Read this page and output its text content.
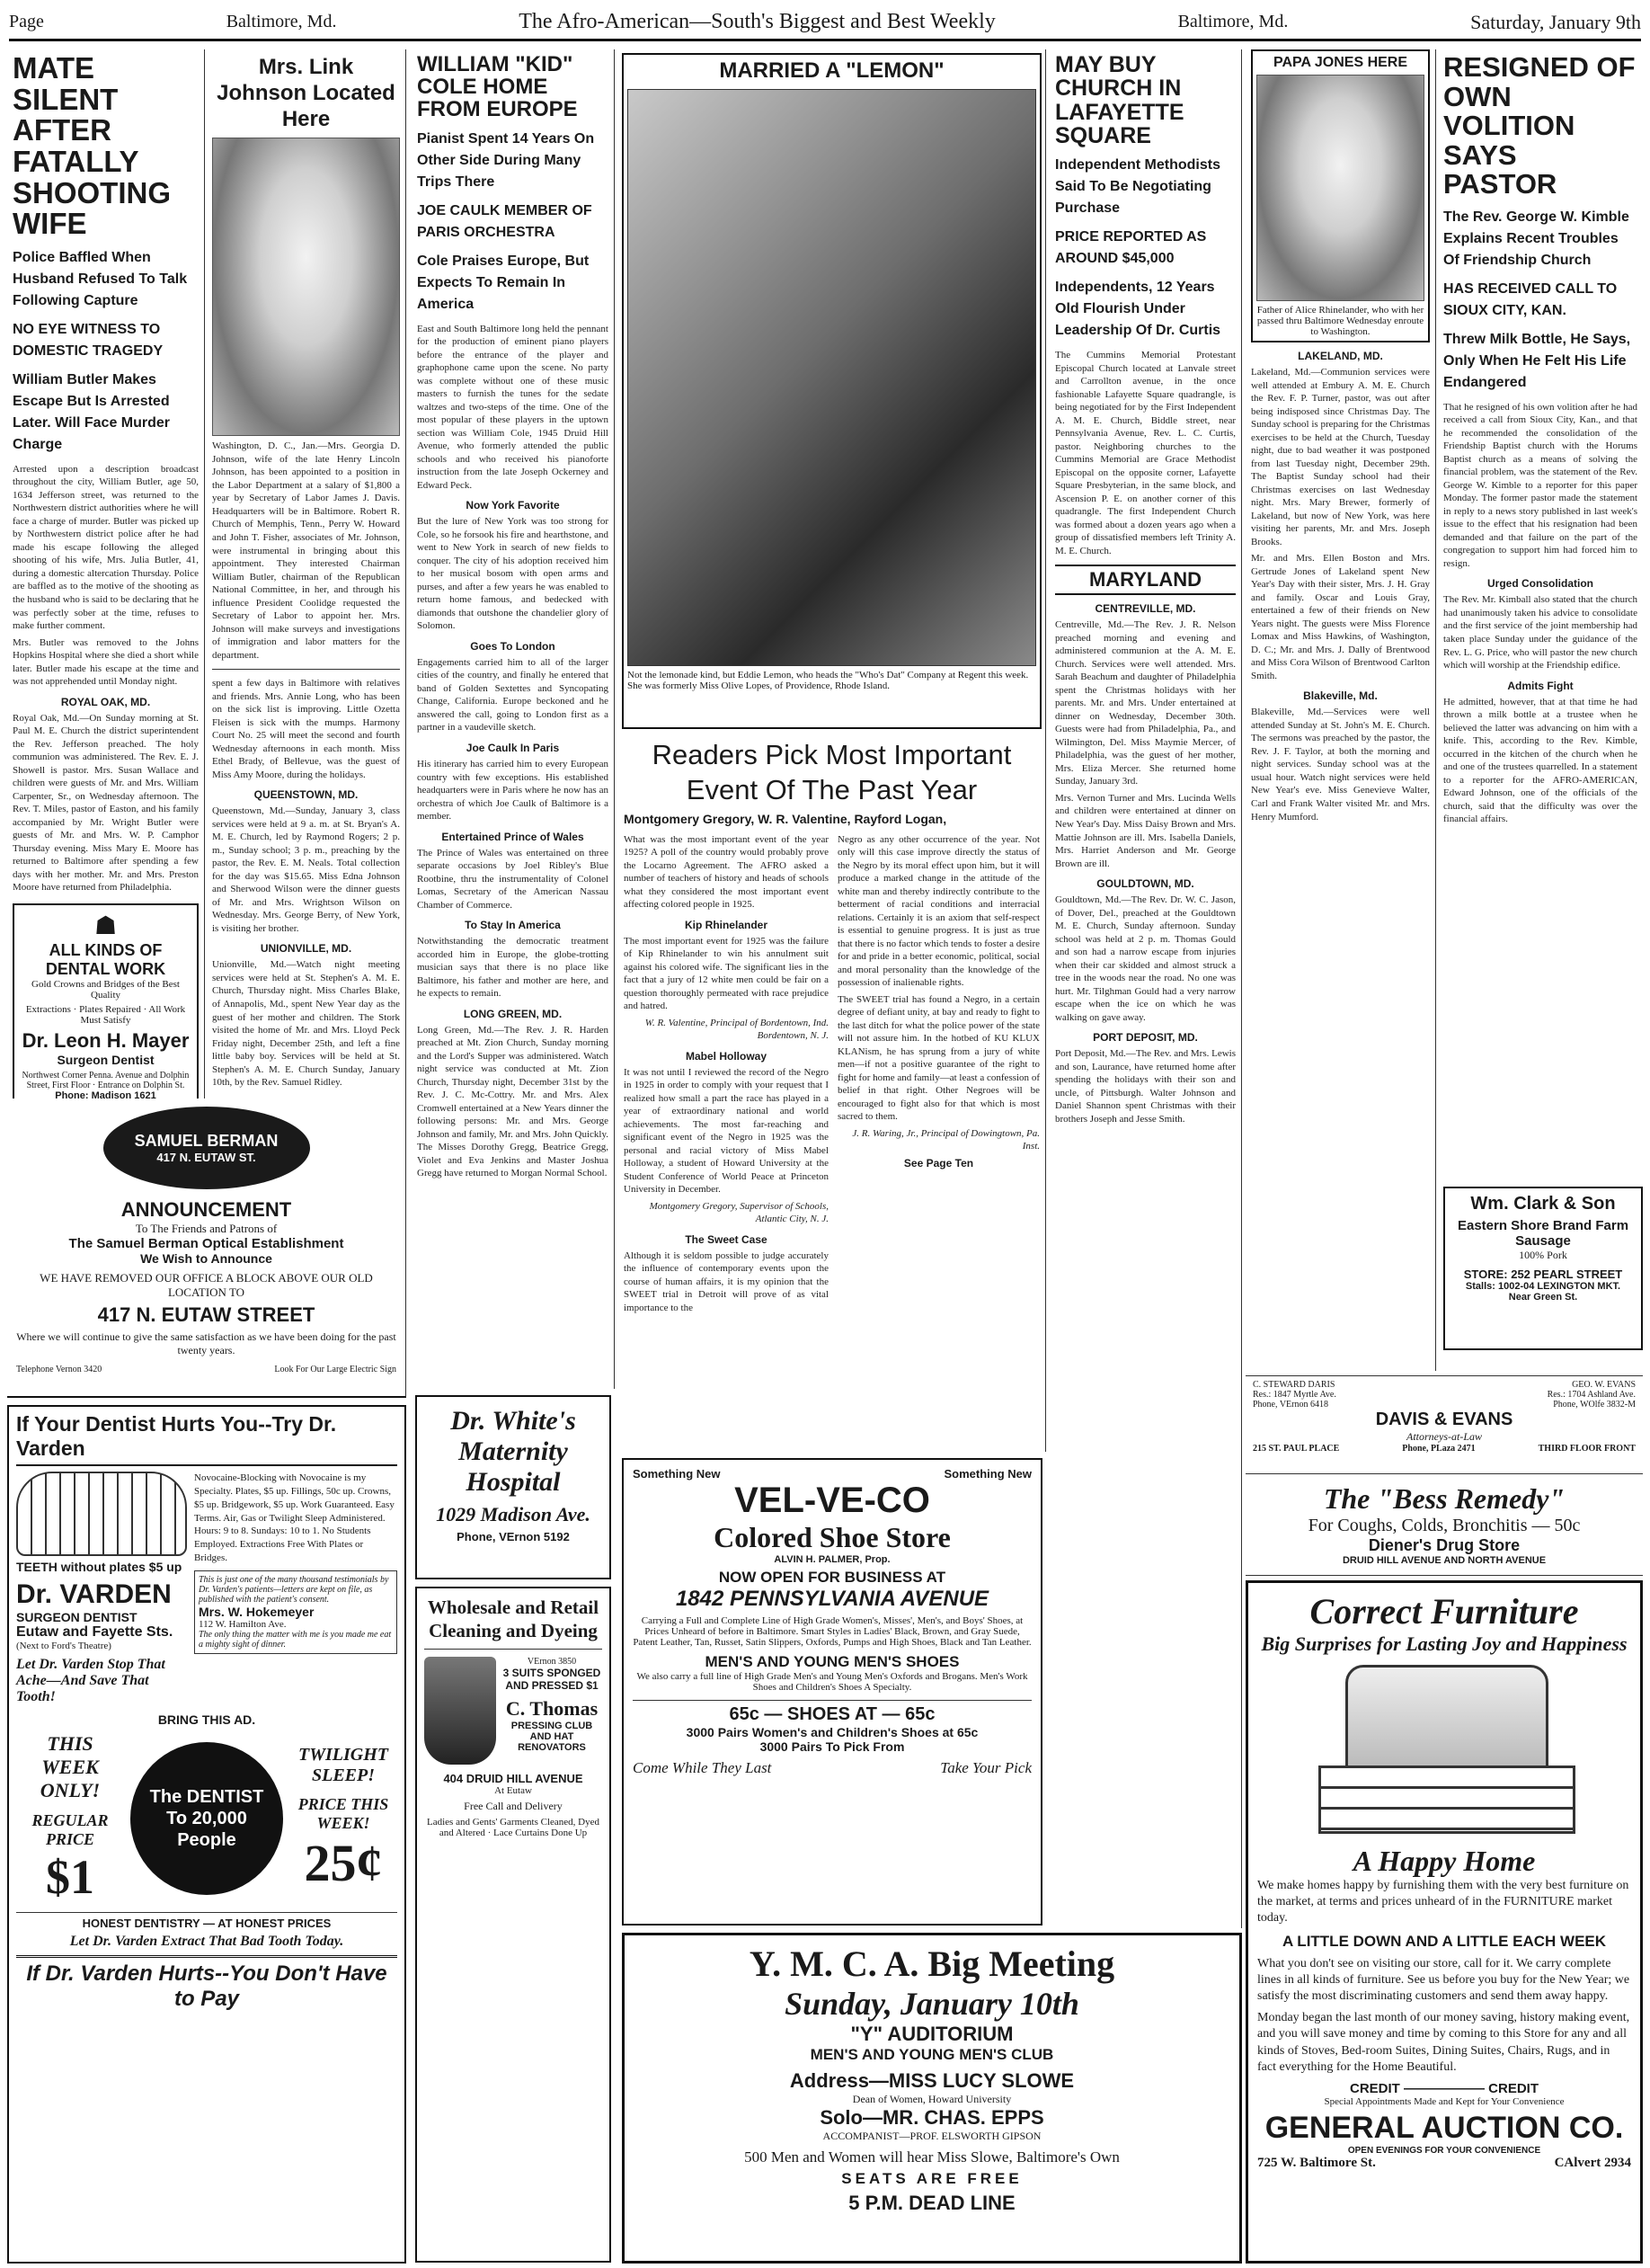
Page	Baltimore, Md.	The Afro-American—South's Biggest and Best Weekly	Baltimore, Md.	Saturday, January 9th
MATE SILENT AFTER FATALLY SHOOTING WIFE
Police Baffled When Husband Refused To Talk Following Capture
NO EYE WITNESS TO DOMESTIC TRAGEDY
William Butler Makes Escape But Is Arrested Later. Will Face Murder Charge

Arrested upon a description broadcast throughout the city, William Butler, age 50, 1634 Jefferson street, was returned to the Northwestern district authorities where he will face a charge of murder. Butler was picked up by Northwestern district police after he had made his escape following the alleged shooting of his wife, Mrs. Julia Butler, 41, during a domestic altercation Thursday. Police are baffled as to the motive of the shooting as the husband who is said to be declaring that he was perfectly sober at the time, refuses to make further comment.

Mrs. Butler was removed to the Johns Hopkins Hospital where she died a short while later. Butler made his escape at the time and was not apprehended until Monday night.

ROYAL OAK, MD.

Royal Oak, Md.—On Sunday morning at St. Paul M. E. Church the district superintendent the Rev. Jefferson preached. The holy communion was administered. The Rev. E. J. Showell is pastor. Mrs. Susan Wallace and children were guests of Mr. and Mrs. William Carpenter, Sr., on Wednesday afternoon. The Rev. T. Miles, pastor of Easton, and his family accompanied by Mr. Wright Butler were guests of Mr. and Mrs. W. P. Camphor Thursday evening. Miss Mary E. Moore has returned to Baltimore after spending a few days with her mother. Mr. and Mrs. Preston Moore have returned from Philadelphia.

☗
ALL KINDS OF DENTAL WORK
Gold Crowns and Bridges of the Best Quality
Extractions · Plates Repaired · All Work Must Satisfy
Dr. Leon H. Mayer
Surgeon Dentist
Northwest Corner Penna. Avenue and Dolphin Street, First Floor · Entrance on Dolphin St.
Phone: Madison 1621
Mrs. Link Johnson Located Here

Washington, D. C., Jan.—Mrs. Georgia D. Johnson, wife of the late Henry Lincoln Johnson, has been appointed to a position in the Labor Department at a salary of $1,800 a year by Secretary of Labor James J. Davis. Headquarters will be in Baltimore. Robert R. Church of Memphis, Tenn., Perry W. Howard and John T. Fisher, associates of Mr. Johnson, were instrumental in bringing about this appointment. They interested Chairman William Butler, chairman of the Republican National Committee, in her, and through his influence President Coolidge requested the Secretary of Labor to appoint her. Mrs. Johnson will make surveys and investigations of immigration and labor matters for the department.

spent a few days in Baltimore with relatives and friends. Mrs. Annie Long, who has been on the sick list is improving. Little Ozetta Fleisen is sick with the mumps. Harmony Court No. 25 will meet the second and fourth Wednesday afternoons in each month. Miss Ethel Brady, of Bellevue, was the guest of Miss Amy Moore, during the holidays.

QUEENSTOWN, MD.

Queenstown, Md.—Sunday, January 3, class services were held at 9 a. m. at St. Bryan's A. M. E. Church, led by Raymond Rogers; 2 p. m., Sunday school; 3 p. m., preaching by the pastor, the Rev. E. M. Neals. Total collection for the day was $15.65. Miss Edna Johnson and Sherwood Wilson were the dinner guests of Mr. and Mrs. Wrightson Wilson on Wednesday. Mrs. George Berry, of New York, is visiting her brother.

UNIONVILLE, MD.

Unionville, Md.—Watch night meeting services were held at St. Stephen's A. M. E. Church, Thursday night. Miss Charles Blake, of Annapolis, Md., spent New Year day as the guest of her mother and children. The Stork visited the home of Mr. and Mrs. Lloyd Peck Friday night, December 25th, and left a fine little baby boy. Services will be held at St. Stephen's A. M. E. Church Sunday, January 10th, by the Rev. Samuel Ridley.

SAMUEL BERMAN
417 N. EUTAW ST.
ANNOUNCEMENT
To The Friends and Patrons of
The Samuel Berman Optical Establishment
We Wish to Announce
WE HAVE REMOVED OUR OFFICE A BLOCK ABOVE OUR OLD LOCATION TO
417 N. EUTAW STREET
Where we will continue to give the same satisfaction as we have been doing for the past twenty years.
Telephone Vernon 3420	Look For Our Large Electric Sign
If Your Dentist Hurts You--Try Dr. Varden
TEETH without plates $5 up
Dr. VARDEN
SURGEON DENTIST
Eutaw and Fayette Sts.
(Next to Ford's Theatre)
Let Dr. Varden Stop That Ache—And Save That Tooth!
Novocaine-Blocking with Novocaine is my Specialty. Plates, $5 up. Fillings, 50c up. Crowns, $5 up. Bridgework, $5 up. Work Guaranteed. Easy Terms. Air, Gas or Twilight Sleep Administered. Hours: 9 to 8. Sundays: 10 to 1. No Students Employed. Extractions Free With Plates or Bridges.
This is just one of the many thousand testimonials by Dr. Varden's patients—letters are kept on file, as published with the patient's consent.
Mrs. W. Hokemeyer
112 W. Hamilton Ave.
The only thing the matter with me is you made me eat a mighty sight of dinner.
BRING THIS AD.
THIS WEEK ONLY!
REGULAR PRICE
$1
The DENTIST To 20,000 People
TWILIGHT SLEEP!
PRICE THIS WEEK!
25¢
HONEST DENTISTRY — AT HONEST PRICES
Let Dr. Varden Extract That Bad Tooth Today.
If Dr. Varden Hurts--You Don't Have to Pay
WILLIAM "KID" COLE HOME FROM EUROPE
Pianist Spent 14 Years On Other Side During Many Trips There
JOE CAULK MEMBER OF PARIS ORCHESTRA
Cole Praises Europe, But Expects To Remain In America

East and South Baltimore long held the pennant for the production of eminent piano players before the entrance of the player and graphophone came upon the scene. No party was complete without one of these music masters to furnish the tunes for the sedate waltzes and two-steps of the time. One of the most popular of these players in the uptown section was William Cole, 1945 Druid Hill Avenue, who formerly attended the public schools and who received his pianoforte instruction from the late Joseph Ockerney and Edward Peck.

Now York Favorite

But the lure of New York was too strong for Cole, so he forsook his fire and hearthstone, and went to New York in search of new fields to conquer. The city of his adoption received him to her musical bosom with open arms and purses, and after a few years he was enabled to return home famous, and bedecked with diamonds that outshone the chandelier glory of Solomon.

Goes To London

Engagements carried him to all of the larger cities of the country, and finally he entered that band of Golden Sextettes and Syncopating Change, California. Europe beckoned and he answered the call, going to London first as a partner in a vaudeville sketch.

Joe Caulk In Paris

His itinerary has carried him to every European country with few exceptions. His established headquarters were in Paris where he now has an orchestra of which Joe Caulk of Baltimore is a member.

Entertained Prince of Wales

The Prince of Wales was entertained on three separate occasions by Joel Ribley's Blue Rootbine, thru the instrumentality of Colonel Lomas, Secretary of the American Nassau Chamber of Commerce.

To Stay In America

Notwithstanding the democratic treatment accorded him in Europe, the globe-trotting musician says that there is no place like Baltimore, his father and mother are here, and he expects to remain.

LONG GREEN, MD.

Long Green, Md.—The Rev. J. R. Harden preached at Mt. Zion Church, Sunday morning and the Lord's Supper was administered. Watch night service was conducted at Mt. Zion Church, Thursday night, December 31st by the Rev. J. C. Mc-Cottry. Mr. and Mrs. Alex Cromwell entertained at a New Years dinner the following persons: Mr. and Mrs. George Johnson and family, Mr. and Mrs. John Quickly. The Misses Dorothy Gregg, Beatrice Gregg, Violet and Eva Jenkins and Master Joshua Gregg have returned to Morgan Normal School.

Dr. White's
Maternity
Hospital
1029 Madison Ave.
Phone, VErnon 5192
Wholesale and Retail Cleaning and Dyeing
VErnon 3850
3 SUITS SPONGED AND PRESSED $1
C. Thomas
PRESSING CLUB AND HAT RENOVATORS
404 DRUID HILL AVENUE
At Eutaw
Free Call and Delivery
Ladies and Gents' Garments Cleaned, Dyed and Altered · Lace Curtains Done Up
MARRIED A "LEMON"
Not the lemonade kind, but Eddie Lemon, who heads the "Who's Dat" Company at Regent this week. She was formerly Miss Olive Lopes, of Providence, Rhode Island.
Readers Pick Most Important Event Of The Past Year
Montgomery Gregory, W. R. Valentine, Rayford Logan,

What was the most important event of the year 1925? A poll of the country would probably prove the Locarno Agreement. The AFRO asked a number of teachers of history and heads of schools what they considered the most important event affecting colored people in 1925.

Kip Rhinelander

The most important event for 1925 was the failure of Kip Rhinelander to win his annulment suit against his colored wife. The significant lies in the fact that a jury of 12 white men could be fair on a question thoroughly permeated with race prejudice and hatred.

W. R. Valentine, Principal of Bordentown, Ind. Bordentown, N. J.
Mabel Holloway

It was not until I reviewed the record of the Negro in 1925 in order to comply with your request that I realized how small a part the race has played in a year of extraordinary national and world achievements. The most far-reaching and significant event of the Negro in 1925 was the personal and racial victory of Miss Mabel Holloway, a student of Howard University at the Student Conference of World Peace at Princeton University in December.

Montgomery Gregory, Supervisor of Schools, Atlantic City, N. J.
The Sweet Case

Although it is seldom possible to judge accurately the influence of contemporary events upon the course of human affairs, it is my opinion that the SWEET trial in Detroit will prove of as vital importance to the

Negro as any other occurrence of the year. Not only will this case improve directly the status of the Negro by its moral effect upon him, but it will produce a marked change in the attitude of the white man and thereby indirectly contribute to the betterment of racial conditions and interracial relations. Certainly it is an axiom that self-respect is essential to genuine progress. It is just as true that there is no factor which tends to foster a desire for and pride in a better economic, political, social and moral personality than the knowledge of the possession of inalienable rights.

The SWEET trial has found a Negro, in a certain degree of defiant unity, at bay and ready to fight to the last ditch for what the police power of the state will not assure him. In the hotbed of KU KLUX KLANism, he has sprung from a jury of white men—if not a positive guarantee of the right to fight for home and family—at least a confession of belief in that right. Other Negroes will be encouraged to fight also for that which is most sacred to them.

J. R. Waring, Jr., Principal of Dowingtown, Pa. Inst.
See Page Ten
Something New	Something New
VEL-VE-CO
Colored Shoe Store
ALVIN H. PALMER, Prop.
NOW OPEN FOR BUSINESS AT
1842 PENNSYLVANIA AVENUE
Carrying a Full and Complete Line of High Grade Women's, Misses', Men's, and Boys' Shoes, at Prices Unheard of before in Baltimore. Smart Styles in Ladies' Black, Brown, and Gray Suede, Patent Leather, Tan, Russet, Satin Slippers, Oxfords, Pumps and High Shoes, Black and Tan Leather.
MEN'S AND YOUNG MEN'S SHOES
We also carry a full line of High Grade Men's and Young Men's Oxfords and Brogans. Men's Work Shoes and Children's Shoes A Specialty.
65c — SHOES AT — 65c
3000 Pairs Women's and Children's Shoes at 65c
3000 Pairs To Pick From
Come While They Last	Take Your Pick
Y. M. C. A. Big Meeting
Sunday, January 10th
"Y" AUDITORIUM
MEN'S AND YOUNG MEN'S CLUB
Address—MISS LUCY SLOWE
Dean of Women, Howard University
Solo—MR. CHAS. EPPS
ACCOMPANIST—PROF. ELSWORTH GIPSON
500 Men and Women will hear Miss Slowe, Baltimore's Own
SEATS ARE FREE
5 P.M. DEAD LINE
MAY BUY CHURCH IN LAFAYETTE SQUARE
Independent Methodists Said To Be Negotiating Purchase
PRICE REPORTED AS AROUND $45,000
Independents, 12 Years Old Flourish Under Leadership Of Dr. Curtis

The Cummins Memorial Protestant Episcopal Church located at Lanvale street and Carrollton avenue, in the once fashionable Lafayette Square quadrangle, is being negotiated for by the First Independent A. M. E. Church, Biddle street, near Pennsylvania Avenue, Rev. L. C. Curtis, pastor. Neighboring churches to the Cummins Memorial are Grace Methodist Episcopal on the opposite corner, Lafayette Square Presbyterian, in the same block, and Ascension P. E. on another corner of this quadrangle. The first Independent Church was formed about a dozen years ago when a group of dissatisfied members left Trinity A. M. E. Church.

MARYLAND
CENTREVILLE, MD.

Centreville, Md.—The Rev. J. R. Nelson preached morning and evening and administered communion at the A. M. E. Church. Services were well attended. Mrs. Sarah Beachum and daughter of Philadelphia spent the Christmas holidays with her parents. Mr. and Mrs. Under entertained at dinner on Wednesday, December 30th. Guests were had from Philadelphia, Pa., and Wilmington, Del. Miss Maymie Mercer, of Philadelphia, was the guest of her mother, Mrs. Eliza Mercer. She returned home Sunday, January 3rd.

Mrs. Vernon Turner and Mrs. Lucinda Wells and children were entertained at dinner on New Year's Day. Miss Daisy Brown and Mrs. Mattie Johnson are ill. Mrs. Isabella Daniels, Mrs. Harriet Anderson and Mr. George Brown are ill.

GOULDTOWN, MD.

Gouldtown, Md.—The Rev. Dr. W. C. Jason, of Dover, Del., preached at the Gouldtown M. E. Church, Sunday afternoon. Sunday school was held at 2 p. m. Thomas Gould and son had a narrow escape from injuries when their car skidded and almost struck a tree in the woods near the road. No one was hurt. Mr. Tilghman Gould had a very narrow escape when the ice on which he was walking on gave away.

PORT DEPOSIT, MD.

Port Deposit, Md.—The Rev. and Mrs. Lewis and son, Laurance, have returned home after spending the holidays with their son and uncle, of Pittsburgh. Walter Johnson and Daniel Shannon spent Christmas with their brothers Joseph and Jesse Smith.

PAPA JONES HERE
Father of Alice Rhinelander, who with her passed thru Baltimore Wednesday enroute to Washington.
LAKELAND, MD.

Lakeland, Md.—Communion services were well attended at Embury A. M. E. Church the Rev. F. P. Turner, pastor, was out after being indisposed since Christmas Day. The Sunday school is preparing for the Christmas exercises to be held at the Church, Tuesday night, due to bad weather it was postponed from last Tuesday night, December 29th. The Baptist Sunday school had their Christmas exercises on last Wednesday night. Mrs. Mary Brewer, formerly of Lakeland, but now of New York, was here visiting her parents, Mr. and Mrs. Joseph Brooks.

Mr. and Mrs. Ellen Boston and Mrs. Gertrude Jones of Lakeland spent New Year's Day with their sister, Mrs. J. H. Gray and family. Oscar and Louis Gray, entertained a few of their friends on New Years night. The guests were Miss Florence Lomax and Miss Hawkins, of Washington, D. C.; Mr. and Mrs. J. Dally of Brentwood and Miss Cora Wilson of Brentwood Carlton Smith.

Blakeville, Md.

Blakeville, Md.—Services were well attended Sunday at St. John's M. E. Church. The sermons was preached by the pastor, the Rev. J. F. Taylor, at both the morning and night services. Sunday school was at the usual hour. Watch night services were held New Year's eve. Miss Genevieve Walter, Carl and Frank Walter visited Mr. and Mrs. Henry Mumford.

Wm. Clark & Son
Eastern Shore Brand Farm Sausage
100% Pork
STORE: 252 PEARL STREET
Stalls: 1002-04 LEXINGTON MKT.
Near Green St.
C. STEWARD DARIS
Res.: 1847 Myrtle Ave.
Phone, VErnon 6418
GEO. W. EVANS
Res.: 1704 Ashland Ave.
Phone, WOlfe 3832-M
DAVIS & EVANS
Attorneys-at-Law
215 ST. PAUL PLACE	Phone, PLaza 2471	THIRD FLOOR FRONT
RESIGNED OF OWN VOLITION SAYS PASTOR
The Rev. George W. Kimble Explains Recent Troubles Of Friendship Church
HAS RECEIVED CALL TO SIOUX CITY, KAN.
Threw Milk Bottle, He Says, Only When He Felt His Life Endangered

That he resigned of his own volition after he had received a call from Sioux City, Kan., and that he recommended the consolidation of the Friendship Baptist church with the Horums Baptist church as a means of solving the financial problem, was the statement of the Rev. George W. Kimble to a reporter for this paper Monday. The former pastor made the statement in reply to a news story published in last week's issue to the effect that his resignation had been demanded and that failure on the part of the congregation to support him had forced him to resign.

Urged Consolidation

The Rev. Mr. Kimball also stated that the church had unanimously taken his advice to consolidate and the first service of the joint membership had taken place Sunday under the guidance of the Rev. L. G. Price, who will pastor the new church which will worship at the Friendship edifice.

Admits Fight

He admitted, however, that at that time he had thrown a milk bottle at a trustee when he believed the latter was advancing on him with a knife. This, according to the Rev. Kimble, occurred in the kitchen of the church when he and one of the trustees quarrelled. In a statement to a reporter for the AFRO-AMERICAN, Edward Johnson, one of the officials of the church, said that the difficulty was over the financial affairs.

The "Bess Remedy"
For Coughs, Colds, Bronchitis — 50c
Diener's Drug Store
DRUID HILL AVENUE AND NORTH AVENUE
Correct Furniture
Big Surprises for Lasting Joy and Happiness
A Happy Home
We make homes happy by furnishing them with the very best furniture on the market, at terms and prices unheard of in the FURNITURE market today.
A LITTLE DOWN AND A LITTLE EACH WEEK
What you don't see on visiting our store, call for it. We carry complete lines in all kinds of furniture. See us before you buy for the New Year; we satisfy the most discriminating customers and send them away happy.
Monday began the last month of our money saving, history making event, and you will save money and time by coming to this Store for any and all kinds of Stoves, Bed-room Suites, Dining Suites, Chairs, Rugs, and in fact everything for the Home Beautiful.
CREDIT —————— CREDIT
Special Appointments Made and Kept for Your Convenience
GENERAL AUCTION CO.
OPEN EVENINGS FOR YOUR CONVENIENCE
725 W. Baltimore St.	CAlvert 2934
